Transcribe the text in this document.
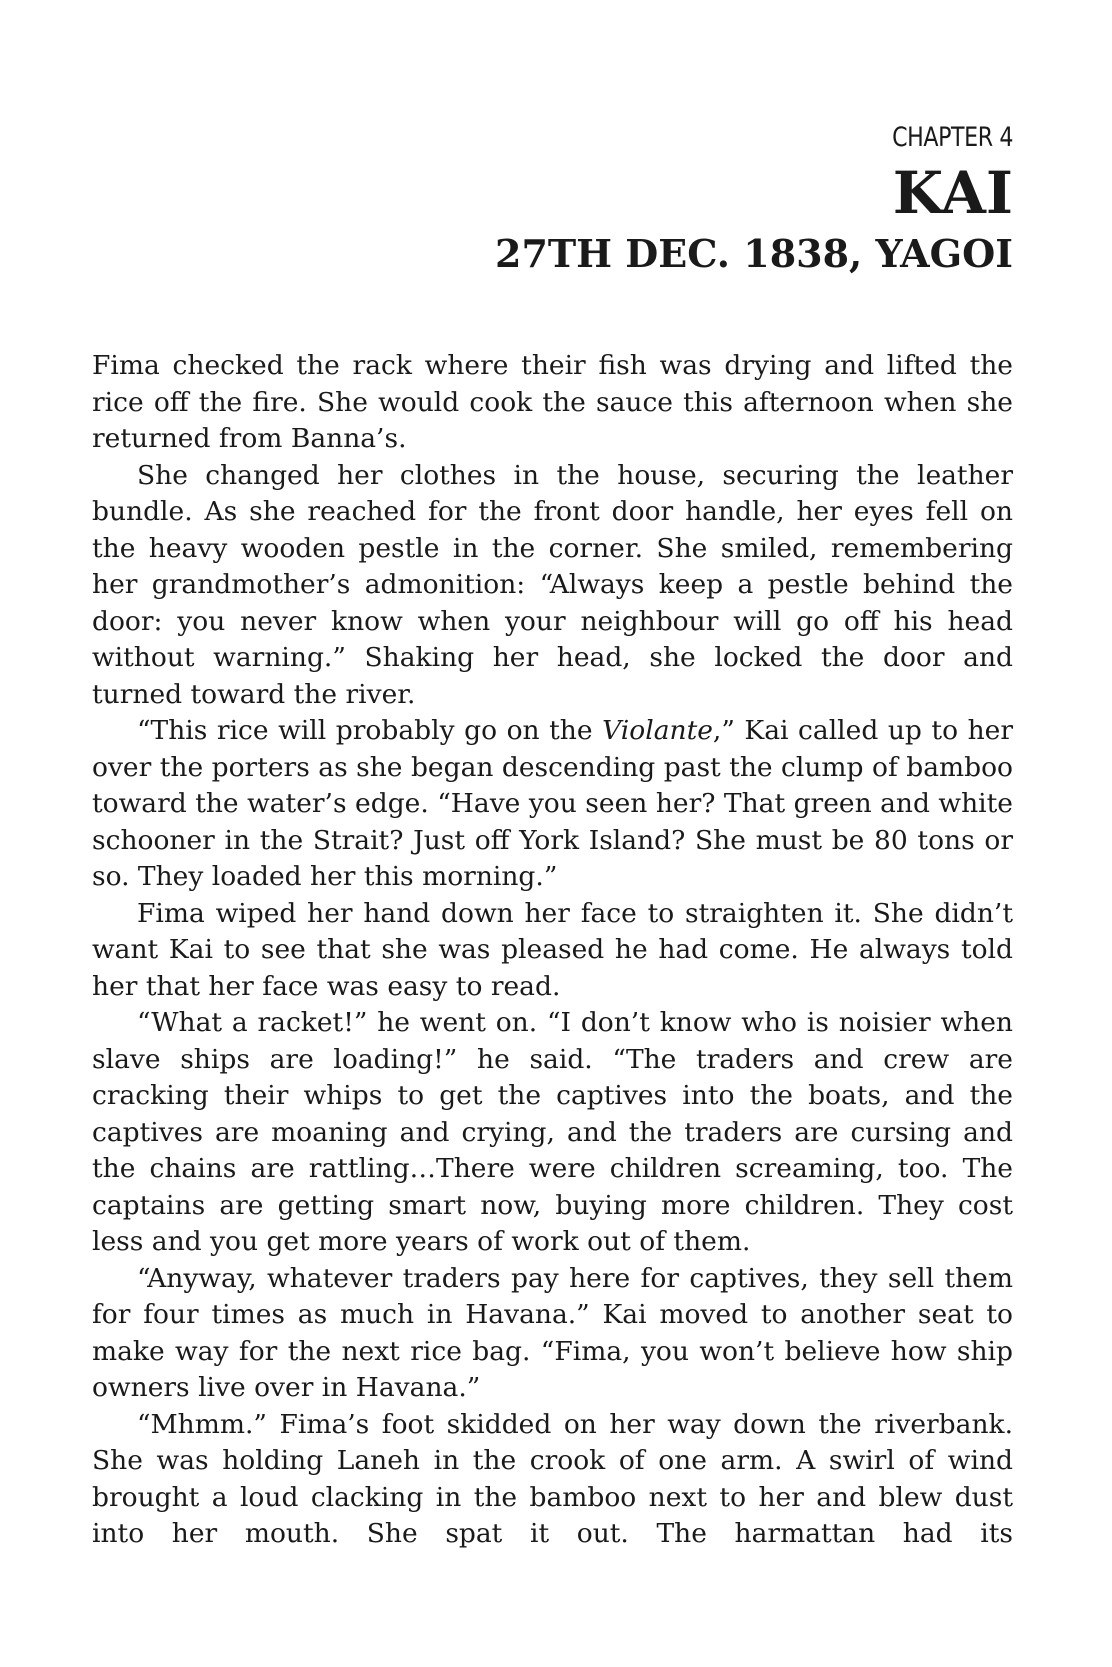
CHAPTER 4
KAI
27TH DEC. 1838, YAGOI

Fima checked the rack where their fish was drying and lifted the rice off the fire. She would cook the sauce this afternoon when she returned from Banna’s.

She changed her clothes in the house, securing the leather bundle. As she reached for the front door handle, her eyes fell on the heavy wooden pestle in the corner. She smiled, remembering her grandmother’s admonition: “Always keep a pestle behind the door: you never know when your neighbour will go off his head without warning.” Shaking her head, she locked the door and turned toward the river.

“This rice will probably go on the Violante,” Kai called up to her over the porters as she began descending past the clump of bamboo toward the water’s edge. “Have you seen her? That green and white schooner in the Strait? Just off York Island? She must be 80 tons or so. They loaded her this morning.”

Fima wiped her hand down her face to straighten it. She didn’t want Kai to see that she was pleased he had come. He always told her that her face was easy to read.

“What a racket!” he went on. “I don’t know who is noisier when slave ships are loading!” he said. “The traders and crew are cracking their whips to get the captives into the boats, and the captives are moaning and crying, and the traders are cursing and the chains are rattling…There were children screaming, too. The captains are getting smart now, buying more children. They cost less and you get more years of work out of them.

“Anyway, whatever traders pay here for captives, they sell them for four times as much in Havana.” Kai moved to another seat to make way for the next rice bag. “Fima, you won’t believe how ship owners live over in Havana.”

“Mhmm.” Fima’s foot skidded on her way down the riverbank. She was holding Laneh in the crook of one arm. A swirl of wind brought a loud clacking in the bamboo next to her and blew dust into her mouth. She spat it out. The harmattan had its
